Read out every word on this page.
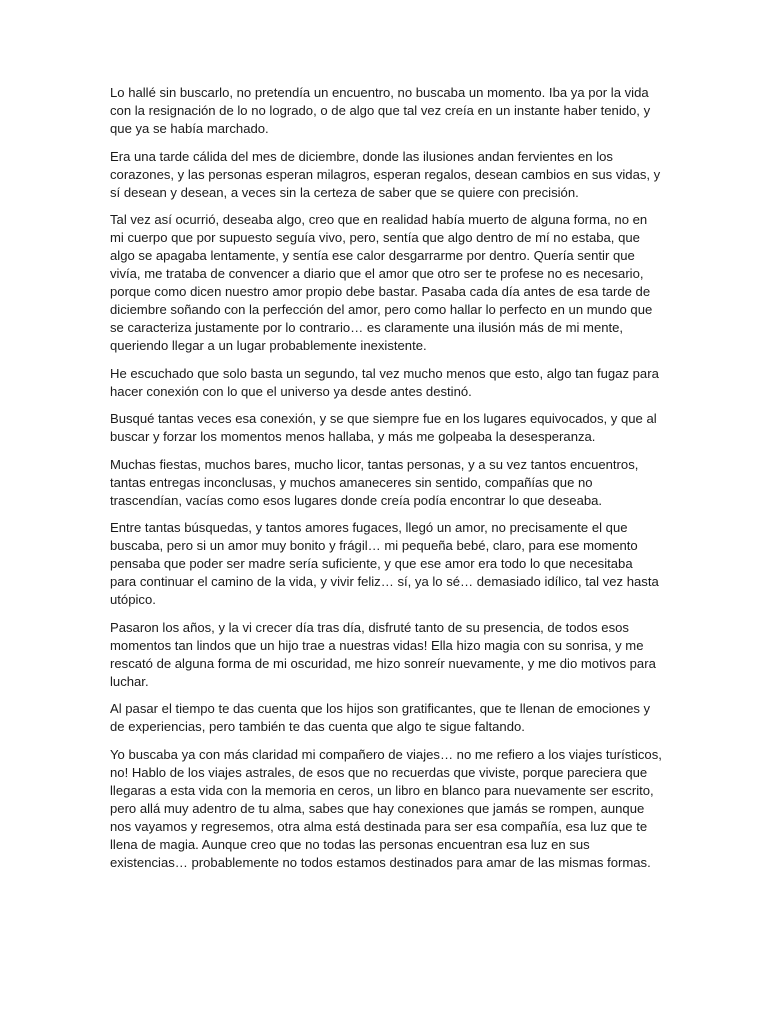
Lo hallé sin buscarlo, no pretendía un encuentro, no buscaba un momento. Iba ya por la vida con la resignación de lo no logrado, o de algo que tal vez creía en un instante haber tenido, y que ya se había marchado.

Era una tarde cálida del mes de diciembre, donde las ilusiones andan fervientes en los corazones, y las personas esperan milagros, esperan regalos, desean cambios en sus vidas, y sí desean y desean, a veces sin la certeza de saber que se quiere con precisión.

Tal vez así ocurrió, deseaba algo, creo que en realidad había muerto de alguna forma, no en mi cuerpo que por supuesto seguía vivo, pero, sentía que algo dentro de mí no estaba, que algo se apagaba lentamente, y sentía ese calor desgarrarme por dentro. Quería sentir que vivía, me trataba de convencer a diario que el amor que otro ser te profese no es necesario, porque como dicen nuestro amor propio debe bastar. Pasaba cada día antes de esa tarde de diciembre soñando con la perfección del amor, pero como hallar lo perfecto en un mundo que se caracteriza justamente por lo contrario… es claramente una ilusión más de mi mente, queriendo llegar a un lugar probablemente inexistente.

He escuchado que solo basta un segundo, tal vez mucho menos que esto, algo tan fugaz para hacer conexión con lo que el universo ya desde antes destinó.

Busqué tantas veces esa conexión, y se que siempre fue en los lugares equivocados, y que al buscar y forzar los momentos menos hallaba, y más me golpeaba la desesperanza.

Muchas fiestas, muchos bares, mucho licor, tantas personas, y a su vez tantos encuentros, tantas entregas inconclusas, y muchos amaneceres sin sentido, compañías que no trascendían, vacías como esos lugares donde creía podía encontrar lo que deseaba.

Entre tantas búsquedas, y tantos amores fugaces, llegó un amor, no precisamente el que buscaba, pero si un amor muy bonito y frágil… mi pequeña bebé, claro, para ese momento pensaba que poder ser madre sería suficiente, y que ese amor era todo lo que necesitaba para continuar el camino de la vida, y vivir feliz… sí, ya lo sé… demasiado idílico, tal vez hasta utópico.

Pasaron los años, y la vi crecer día tras día, disfruté tanto de su presencia, de todos esos momentos tan lindos que un hijo trae a nuestras vidas! Ella hizo magia con su sonrisa, y me rescató de alguna forma de mi oscuridad, me hizo sonreír nuevamente, y me dio motivos para luchar.

Al pasar el tiempo te das cuenta que los hijos son gratificantes, que te llenan de emociones y de experiencias, pero también te das cuenta que algo te sigue faltando.

Yo buscaba ya con más claridad mi compañero de viajes… no me refiero a los viajes turísticos, no! Hablo de los viajes astrales, de esos que no recuerdas que viviste, porque pareciera que llegaras a esta vida con la memoria en ceros, un libro en blanco para nuevamente ser escrito, pero allá muy adentro de tu alma, sabes que hay conexiones que jamás se rompen, aunque nos vayamos y regresemos, otra alma está destinada para ser esa compañía, esa luz que te llena de magia. Aunque creo que no todas las personas encuentran esa luz en sus existencias… probablemente no todos estamos destinados para amar de las mismas formas.
